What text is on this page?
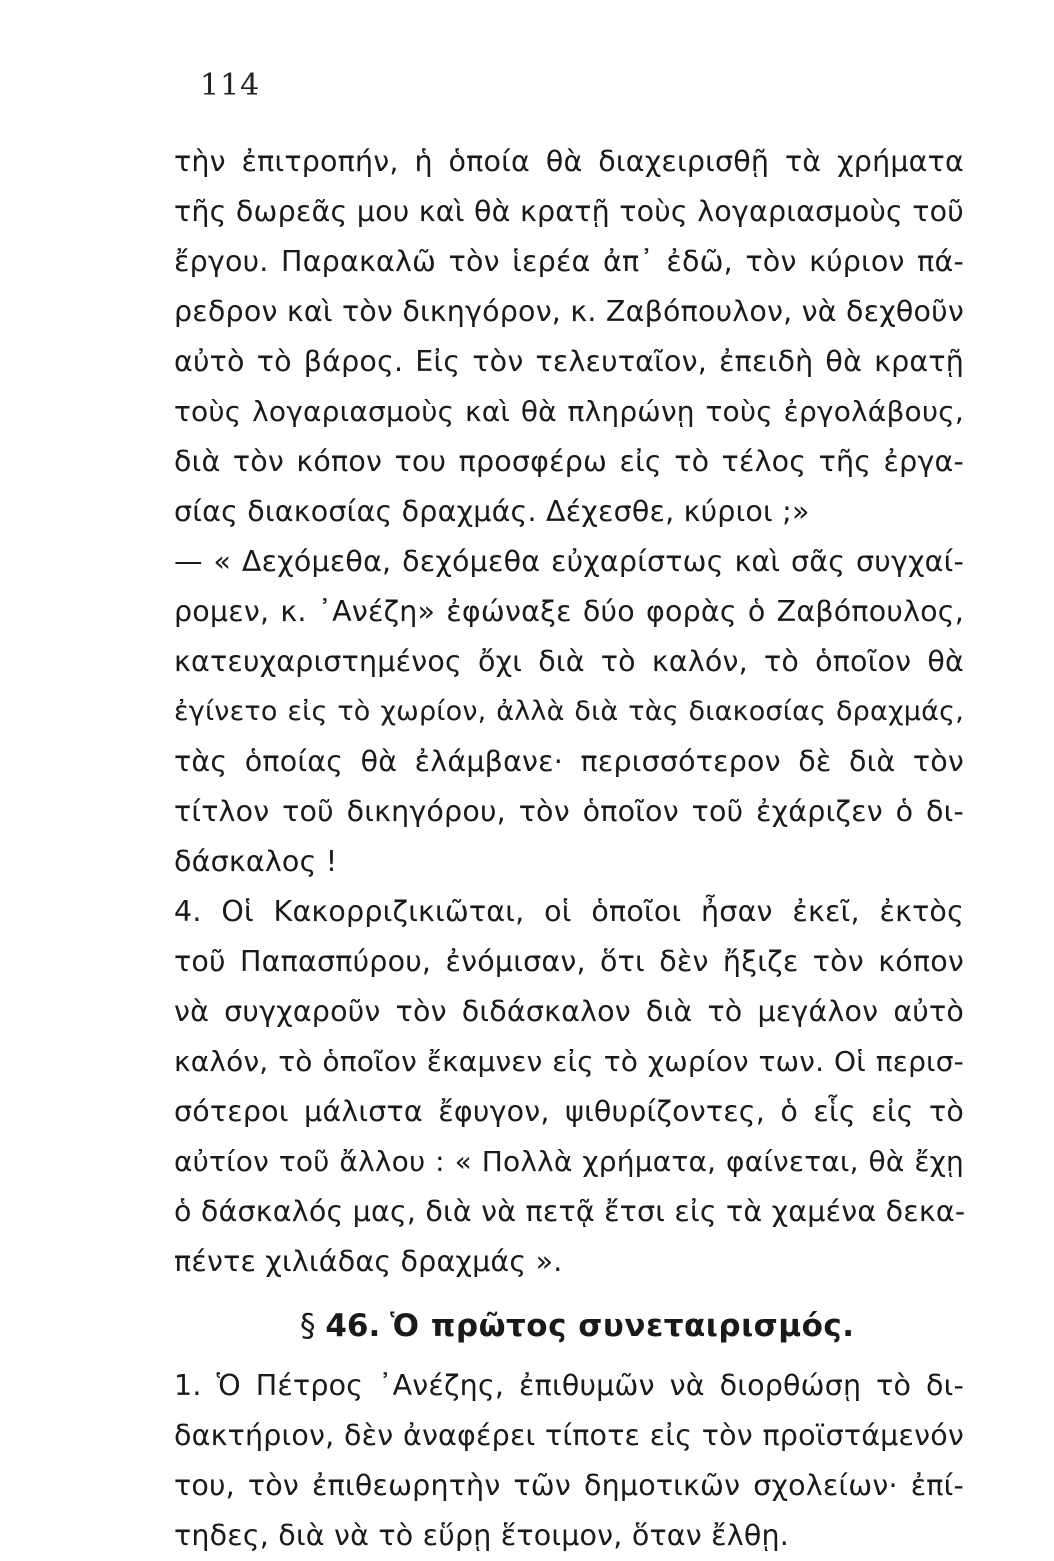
114
τὴν ἐπιτροπήν, ἡ ὁποία θὰ διαχειρισθῇ τὰ χρήματα
τῆς δωρεᾶς μου καὶ θὰ κρατῇ τοὺς λογαριασμοὺς τοῦ
ἔργου. Παρακαλῶ τὸν ἱερέα ἀπ᾽ ἐδῶ, τὸν κύριον πά-
ρεδρον καὶ τὸν δικηγόρον, κ. Ζαβόπουλον, νὰ δεχθοῦν
αὐτὸ τὸ βάρος. Εἰς τὸν τελευταῖον, ἐπειδὴ θὰ κρατῇ
τοὺς λογαριασμοὺς καὶ θὰ πληρώνῃ τοὺς ἐργολάβους,
διὰ τὸν κόπον του προσφέρω εἰς τὸ τέλος τῆς ἐργα-
σίας διακοσίας δραχμάς. Δέχεσθε, κύριοι ;»
— « Δεχόμεθα, δεχόμεθα εὐχαρίστως καὶ σᾶς συγχαί-
ρομεν, κ. ᾿Ανέζη» ἐφώναξε δύο φορὰς ὁ Ζαβόπουλος,
κατευχαριστημένος ὄχι διὰ τὸ καλόν, τὸ ὁποῖον θὰ
ἐγίνετο εἰς τὸ χωρίον, ἀλλὰ διὰ τὰς διακοσίας δραχμάς,
τὰς ὁποίας θὰ ἐλάμβανε· περισσότερον δὲ διὰ τὸν
τίτλον τοῦ δικηγόρου, τὸν ὁποῖον τοῦ ἐχάριζεν ὁ δι-
δάσκαλος !
4. Οἱ Κακορριζικιῶται, οἱ ὁποῖοι ἦσαν ἐκεῖ, ἐκτὸς
τοῦ Παπασπύρου, ἐνόμισαν, ὅτι δὲν ἤξιζε τὸν κόπον
νὰ συγχαροῦν τὸν διδάσκαλον διὰ τὸ μεγάλον αὐτὸ
καλόν, τὸ ὁποῖον ἔκαμνεν εἰς τὸ χωρίον των. Οἱ περισ-
σότεροι μάλιστα ἔφυγον, ψιθυρίζοντες, ὁ εἷς εἰς τὸ
αὐτίον τοῦ ἄλλου : « Πολλὰ χρήματα, φαίνεται, θὰ ἔχῃ
ὁ δάσκαλός μας, διὰ νὰ πετᾷ ἔτσι εἰς τὰ χαμένα δεκα-
πέντε χιλιάδας δραχμάς ».
§ 46. Ὁ πρῶτος συνεταιρισμός.
1. Ὁ Πέτρος ᾿Ανέζης, ἐπιθυμῶν νὰ διορθώσῃ τὸ δι-
δακτήριον, δὲν ἀναφέρει τίποτε εἰς τὸν προϊστάμενόν
του, τὸν ἐπιθεωρητὴν τῶν δημοτικῶν σχολείων· ἐπί-
τηδες, διὰ νὰ τὸ εὕρῃ ἕτοιμον, ὅταν ἔλθῃ.
